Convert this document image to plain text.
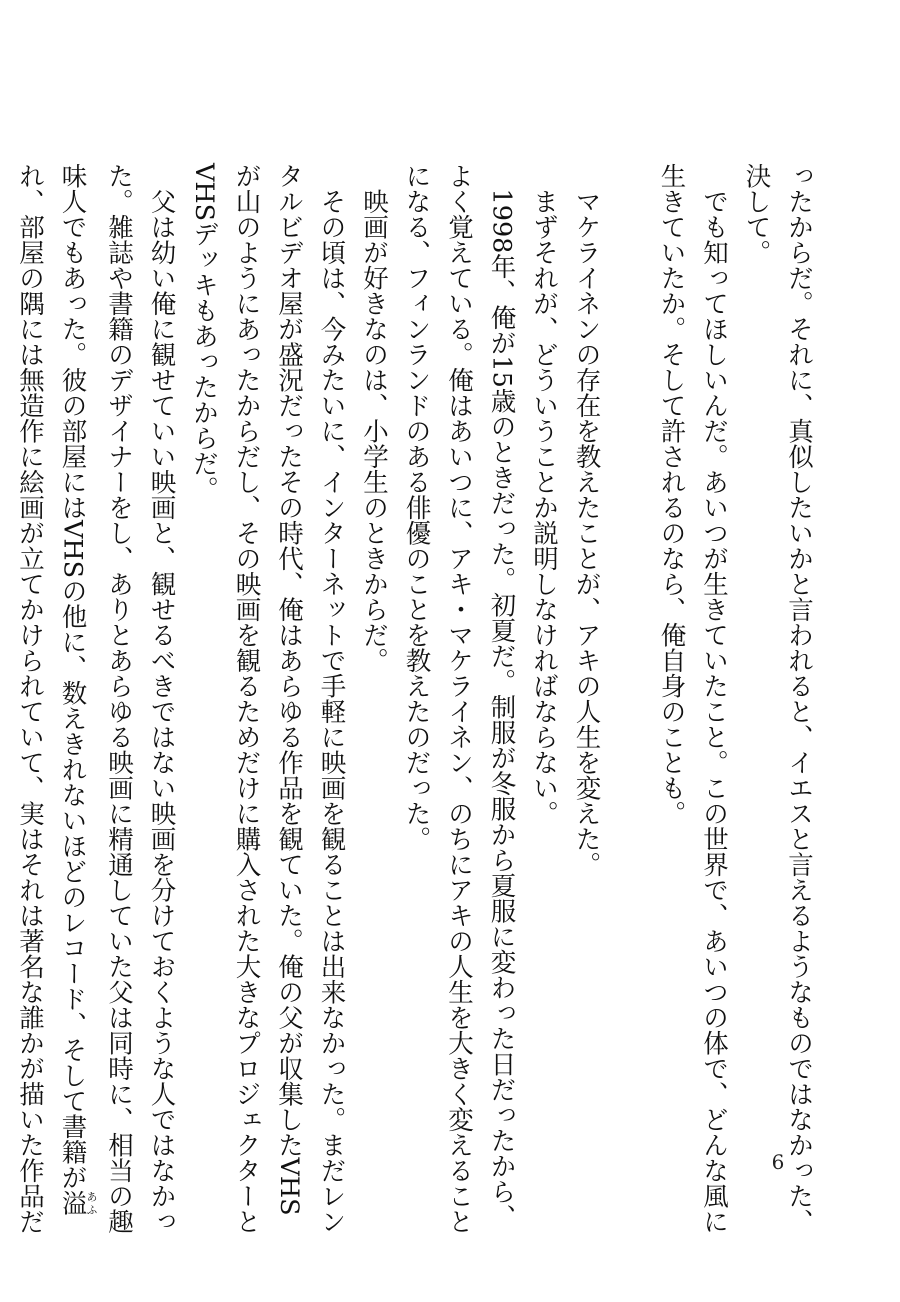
ったからだ。それに、真似したいかと言われると、イエスと言えるようなものではなかった、
決して。
　でも知ってほしいんだ。あいつが生きていたこと。この世界で、あいつの体で、どんな風に
生きていたか。そして許されるのなら、俺自身のことも。

　マケライネンの存在を教えたことが、アキの人生を変えた。
　まずそれが、どういうことか説明しなければならない。
　1998年、俺が15歳のときだった。初夏だ。制服が冬服から夏服に変わった日だったから、
よく覚えている。俺はあいつに、アキ・マケライネン、のちにアキの人生を大きく変えること
になる、フィンランドのある俳優のことを教えたのだった。
　映画が好きなのは、小学生のときからだ。
　その頃は、今みたいに、インターネットで手軽に映画を観ることは出来なかった。まだレン
タルビデオ屋が盛況だったその時代、俺はあらゆる作品を観ていた。俺の父が収集したVHS
が山のようにあったからだし、その映画を観るためだけに購入された大きなプロジェクターと
VHSデッキもあったからだ。
　父は幼い俺に観せていい映画と、観せるべきではない映画を分けておくような人ではなかっ
た。雑誌や書籍のデザイナーをし、ありとあらゆる映画に精通していた父は同時に、相当の趣
味人でもあった。彼の部屋にはVHSの他に、数えきれないほどのレコード、そして書籍が溢あふ
れ、部屋の隅には無造作に絵画が立てかけられていて、実はそれは著名な誰かが描いた作品だ	6
